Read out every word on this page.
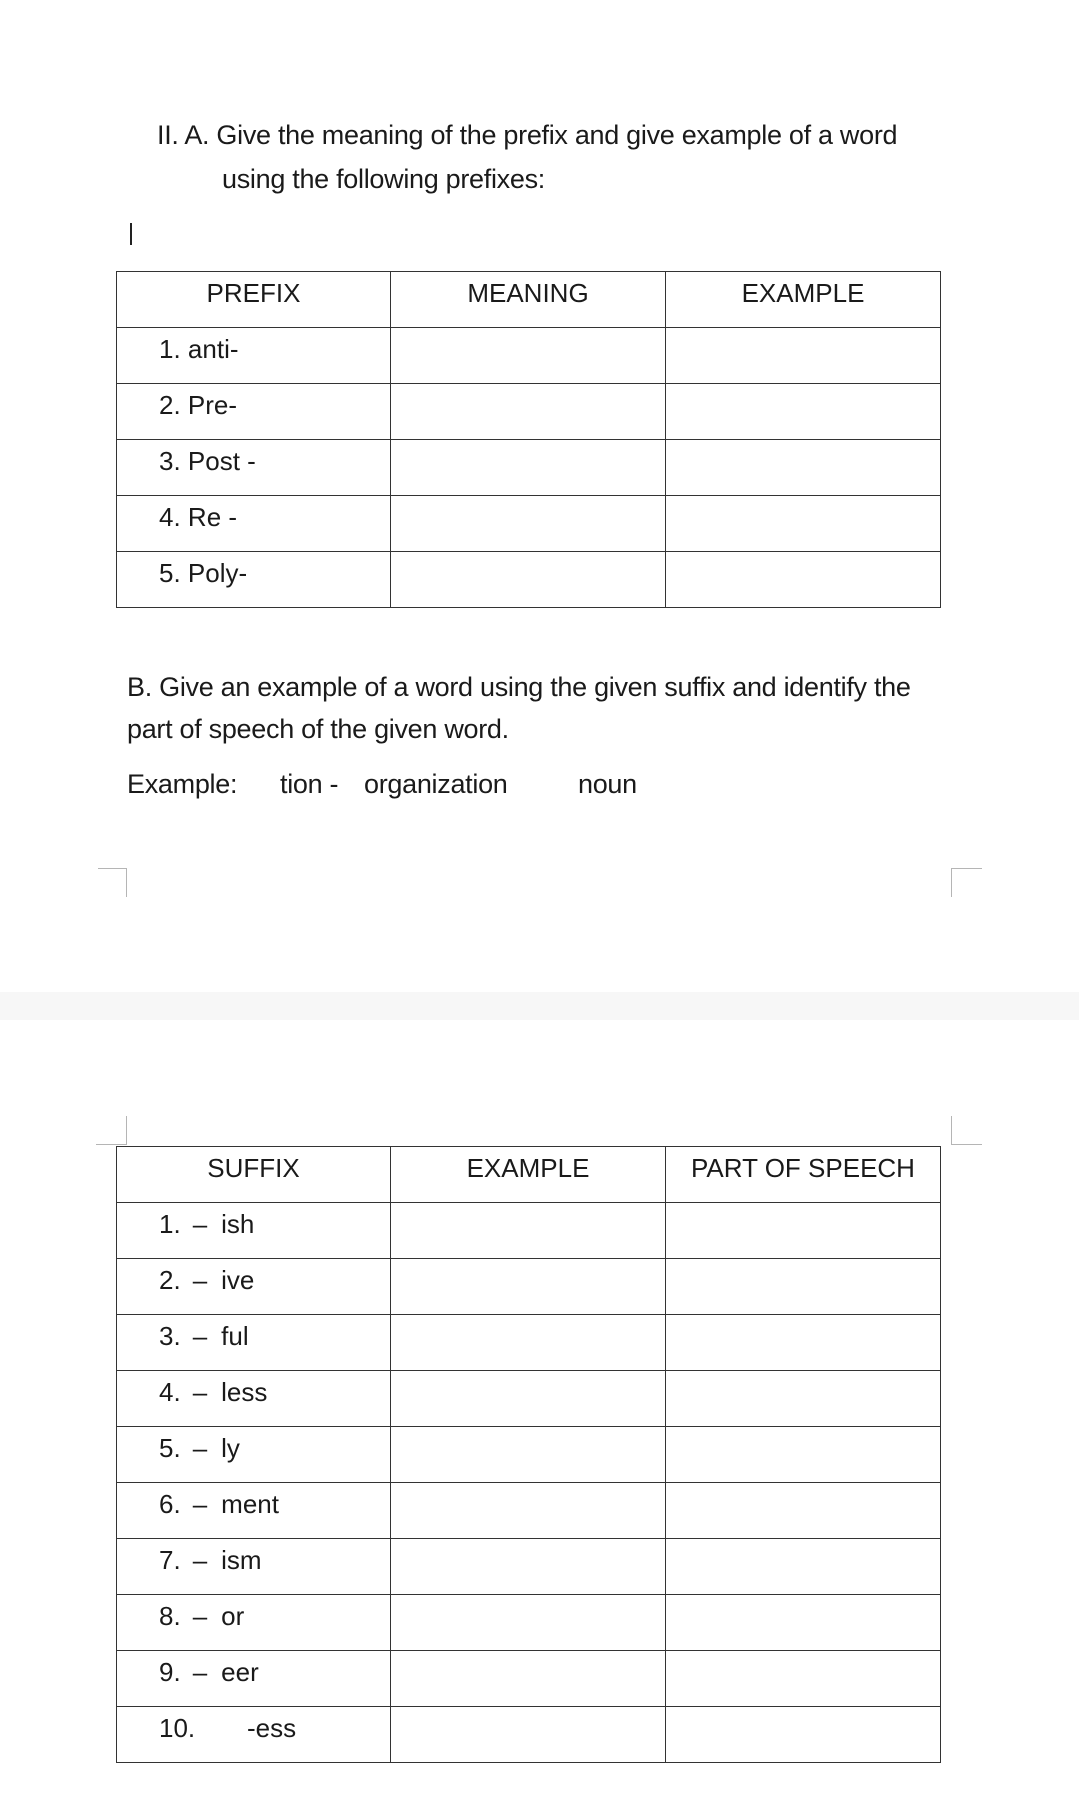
II. A. Give the meaning of the prefix and give example of a word
using the following prefixes:
PREFIX	MEANING	EXAMPLE
1. anti-		
2. Pre-		
3. Post -		
4. Re -		
5. Poly-		
B. Give an example of a word using the given suffix and identify the
part of speech of the given word.
Example: tion - organization	noun
SUFFIX	EXAMPLE	PART OF SPEECH
1. – ish		
2. – ive		
3. – ful		
4. – less		
5. – ly		
6. – ment		
7. – ism		
8. – or		
9. – eer		
10. -ess		
